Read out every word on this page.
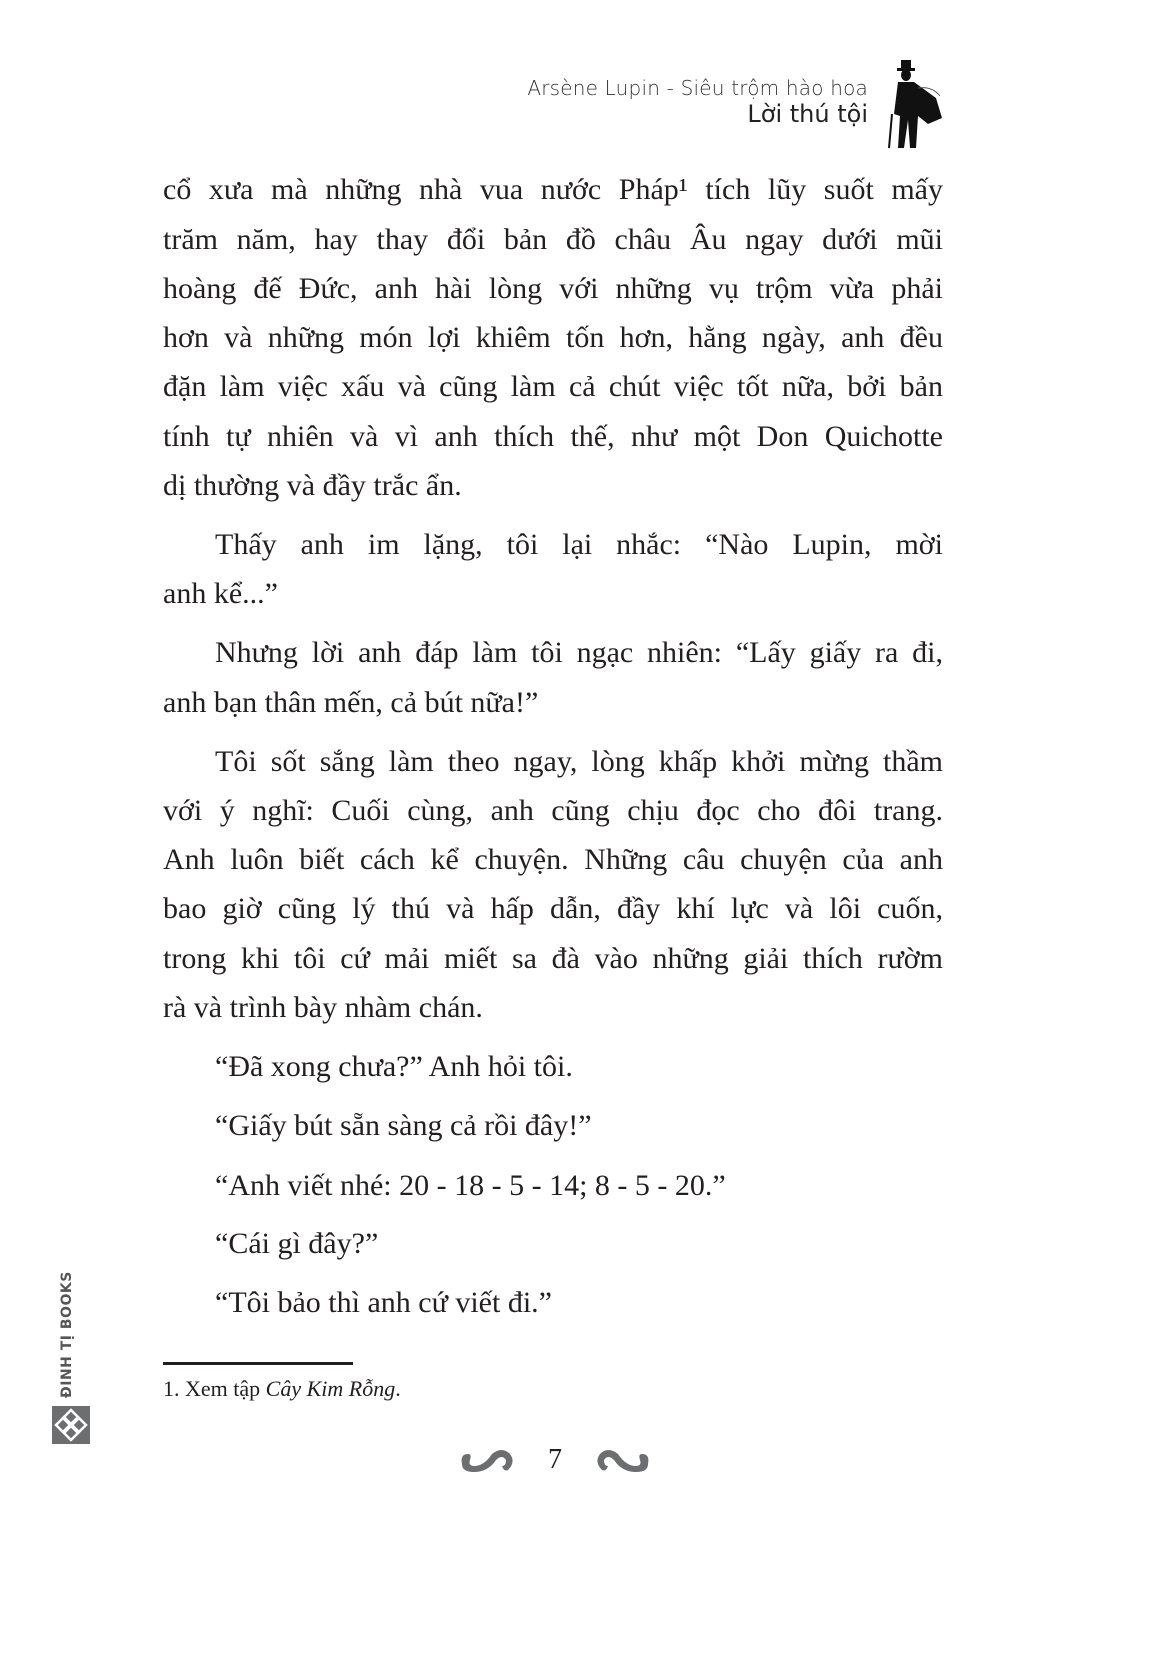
Arsène Lupin - Siêu trộm hào hoa
Lời thú tội
cổ xưa mà những nhà vua nước Pháp¹ tích lũy suốt mấy
trăm năm, hay thay đổi bản đồ châu Âu ngay dưới mũi
hoàng đế Đức, anh hài lòng với những vụ trộm vừa phải
hơn và những món lợi khiêm tốn hơn, hằng ngày, anh đều
đặn làm việc xấu và cũng làm cả chút việc tốt nữa, bởi bản
tính tự nhiên và vì anh thích thế, như một Don Quichotte
dị thường và đầy trắc ẩn.
Thấy anh im lặng, tôi lại nhắc: “Nào Lupin, mời
anh kể...”
Nhưng lời anh đáp làm tôi ngạc nhiên: “Lấy giấy ra đi,
anh bạn thân mến, cả bút nữa!”
Tôi sốt sắng làm theo ngay, lòng khấp khởi mừng thầm
với ý nghĩ: Cuối cùng, anh cũng chịu đọc cho đôi trang.
Anh luôn biết cách kể chuyện. Những câu chuyện của anh
bao giờ cũng lý thú và hấp dẫn, đầy khí lực và lôi cuốn,
trong khi tôi cứ mải miết sa đà vào những giải thích rườm
rà và trình bày nhàm chán.
“Đã xong chưa?” Anh hỏi tôi.
“Giấy bút sẵn sàng cả rồi đây!”
“Anh viết nhé: 20 - 18 - 5 - 14; 8 - 5 - 20.”
“Cái gì đây?”
“Tôi bảo thì anh cứ viết đi.”
1. Xem tập Cây Kim Rỗng.
7
ĐINH TỊ BOOKS
